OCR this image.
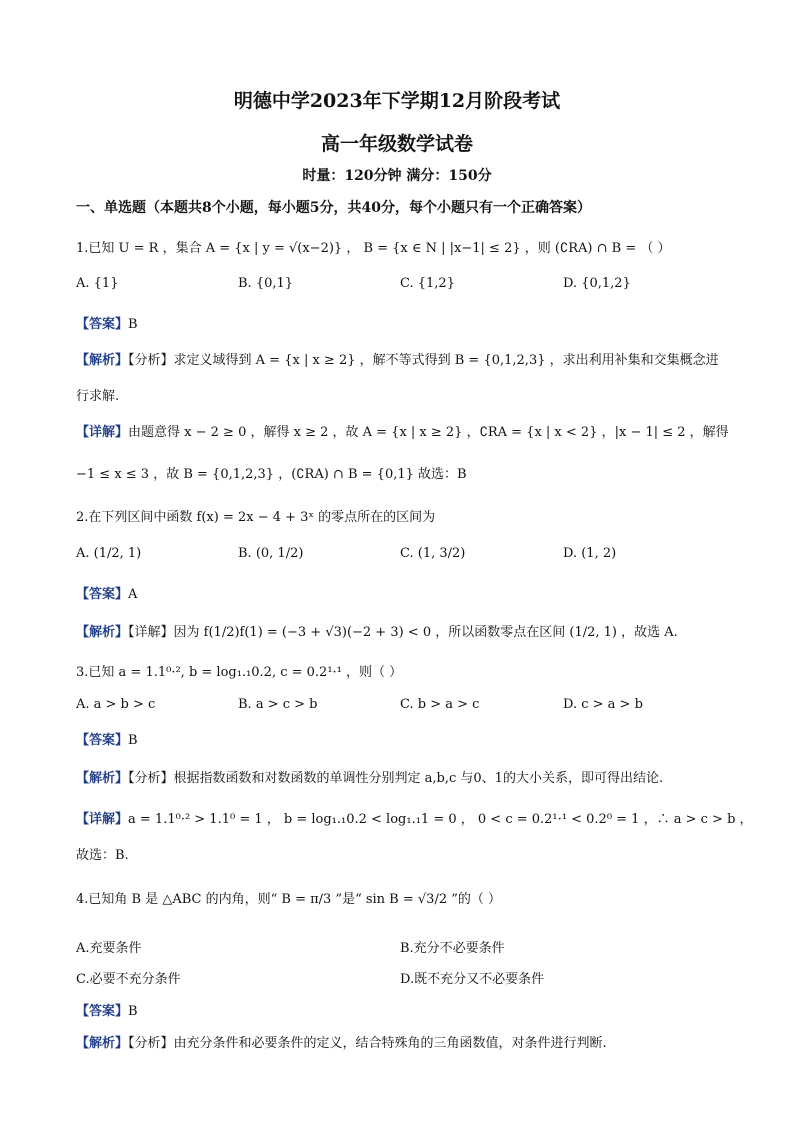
明德中学2023年下学期12月阶段考试
高一年级数学试卷
时量：120分钟 满分：150分
一、单选题（本题共8个小题，每小题5分，共40分，每个小题只有一个正确答案）
1.已知 U = R ，集合 A = {x | y = √(x−2)} ， B = {x ∈ N | |x−1| ≤ 2} ，则 (∁RA) ∩ B = （ ）
A. {1}	B. {0,1}	C. {1,2}	D. {0,1,2}
【答案】B
【解析】【分析】求定义域得到 A = {x | x ≥ 2} ，解不等式得到 B = {0,1,2,3} ，求出利用补集和交集概念进
行求解.
【详解】由题意得 x − 2 ≥ 0 ，解得 x ≥ 2 ，故 A = {x | x ≥ 2} ，∁RA = {x | x < 2} ，|x − 1| ≤ 2 ，解得
−1 ≤ x ≤ 3 ，故 B = {0,1,2,3} ，(∁RA) ∩ B = {0,1} 故选：B
2.在下列区间中函数 f(x) = 2x − 4 + 3ˣ 的零点所在的区间为
A. (1/2, 1)	B. (0, 1/2)	C. (1, 3/2)	D. (1, 2)
【答案】A
【解析】【详解】因为 f(1/2)f(1) = (−3 + √3)(−2 + 3) < 0 ，所以函数零点在区间 (1/2, 1) ，故选 A.
3.已知 a = 1.1⁰·², b = log₁.₁0.2, c = 0.2¹·¹ ，则（ ）
A. a > b > c	B. a > c > b	C. b > a > c	D. c > a > b
【答案】B
【解析】【分析】根据指数函数和对数函数的单调性分别判定 a,b,c 与0、1的大小关系，即可得出结论.
【详解】a = 1.1⁰·² > 1.1⁰ = 1 ， b = log₁.₁0.2 < log₁.₁1 = 0 ， 0 < c = 0.2¹·¹ < 0.2⁰ = 1 ，∴ a > c > b ，
故选：B.
4.已知角 B 是 △ABC 的内角，则“ B = π/3 ”是“ sin B = √3/2 ”的（ ）
A.充要条件	B.充分不必要条件
C.必要不充分条件	D.既不充分又不必要条件
【答案】B
【解析】【分析】由充分条件和必要条件的定义，结合特殊角的三角函数值，对条件进行判断.
